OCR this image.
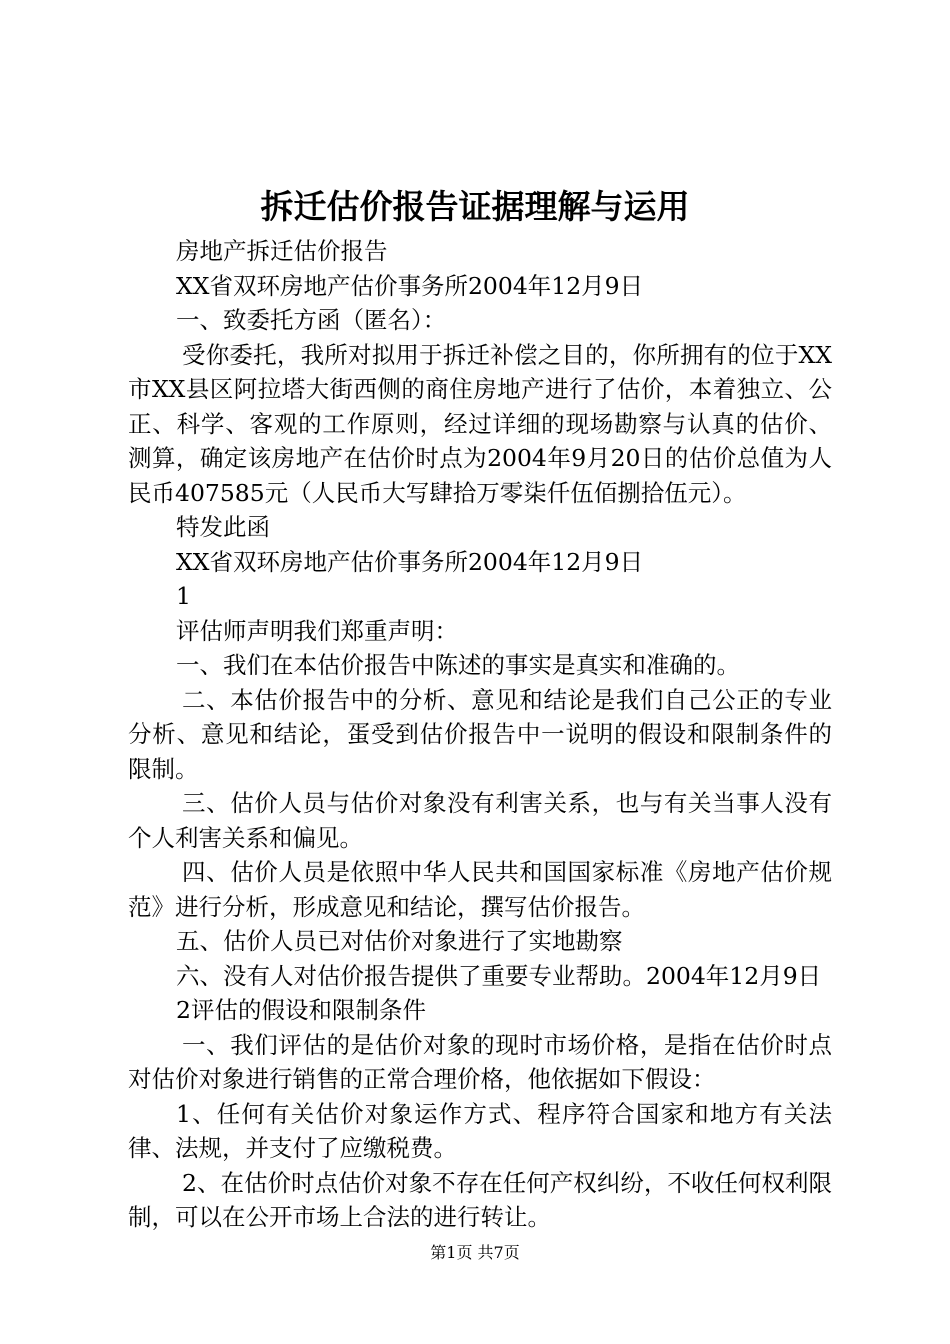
拆迁估价报告证据理解与运用

房地产拆迁估价报告

XX省双环房地产估价事务所2004年12月9日

一、致委托方函（匿名）：

受你委托，我所对拟用于拆迁补偿之目的，你所拥有的位于XX市XX县区阿拉塔大街西侧的商住房地产进行了估价，本着独立、公正、科学、客观的工作原则，经过详细的现场勘察与认真的估价、测算，确定该房地产在估价时点为2004年9月20日的估价总值为人民币407585元（人民币大写肆拾万零柒仟伍佰捌拾伍元）。

特发此函

XX省双环房地产估价事务所2004年12月9日

1

评估师声明我们郑重声明：

一、我们在本估价报告中陈述的事实是真实和准确的。

二、本估价报告中的分析、意见和结论是我们自己公正的专业分析、意见和结论，蛋受到估价报告中一说明的假设和限制条件的限制。

三、估价人员与估价对象没有利害关系，也与有关当事人没有个人利害关系和偏见。

四、估价人员是依照中华人民共和国国家标准《房地产估价规范》进行分析，形成意见和结论，撰写估价报告。

五、估价人员已对估价对象进行了实地勘察

六、没有人对估价报告提供了重要专业帮助。2004年12月9日

2评估的假设和限制条件

一、我们评估的是估价对象的现时市场价格，是指在估价时点对估价对象进行销售的正常合理价格，他依据如下假设：

1、任何有关估价对象运作方式、程序符合国家和地方有关法律、法规，并支付了应缴税费。

2、在估价时点估价对象不存在任何产权纠纷，不收任何权利限制，可以在公开市场上合法的进行转让。

第1页 共7页
